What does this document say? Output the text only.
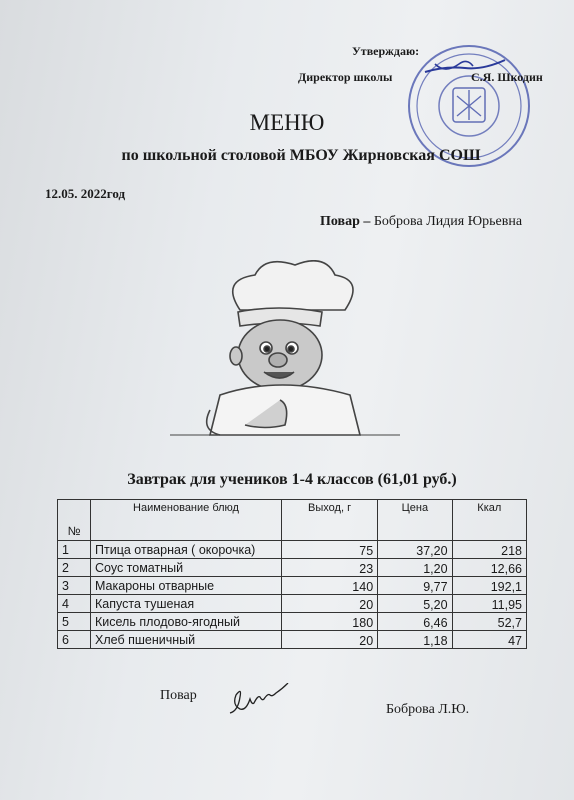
Утверждаю:
Директор школы	С.Я. Шкодин
МЕНЮ
по школьной столовой МБОУ Жирновская СОШ
12.05. 2022год
Повар – Боброва Лидия Юрьевна
Завтрак для учеников 1-4 классов (61,01 руб.)
№	Наименование блюд	Выход, г	Цена	Ккал
1	Птица отварная ( окорочка)	75	37,20	218
2	Соус томатный	23	1,20	12,66
3	Макароны отварные	140	9,77	192,1
4	Капуста тушеная	20	5,20	11,95
5	Кисель плодово-ягодный	180	6,46	52,7
6	Хлеб пшеничный	20	1,18	47
Повар
Боброва Л.Ю.
